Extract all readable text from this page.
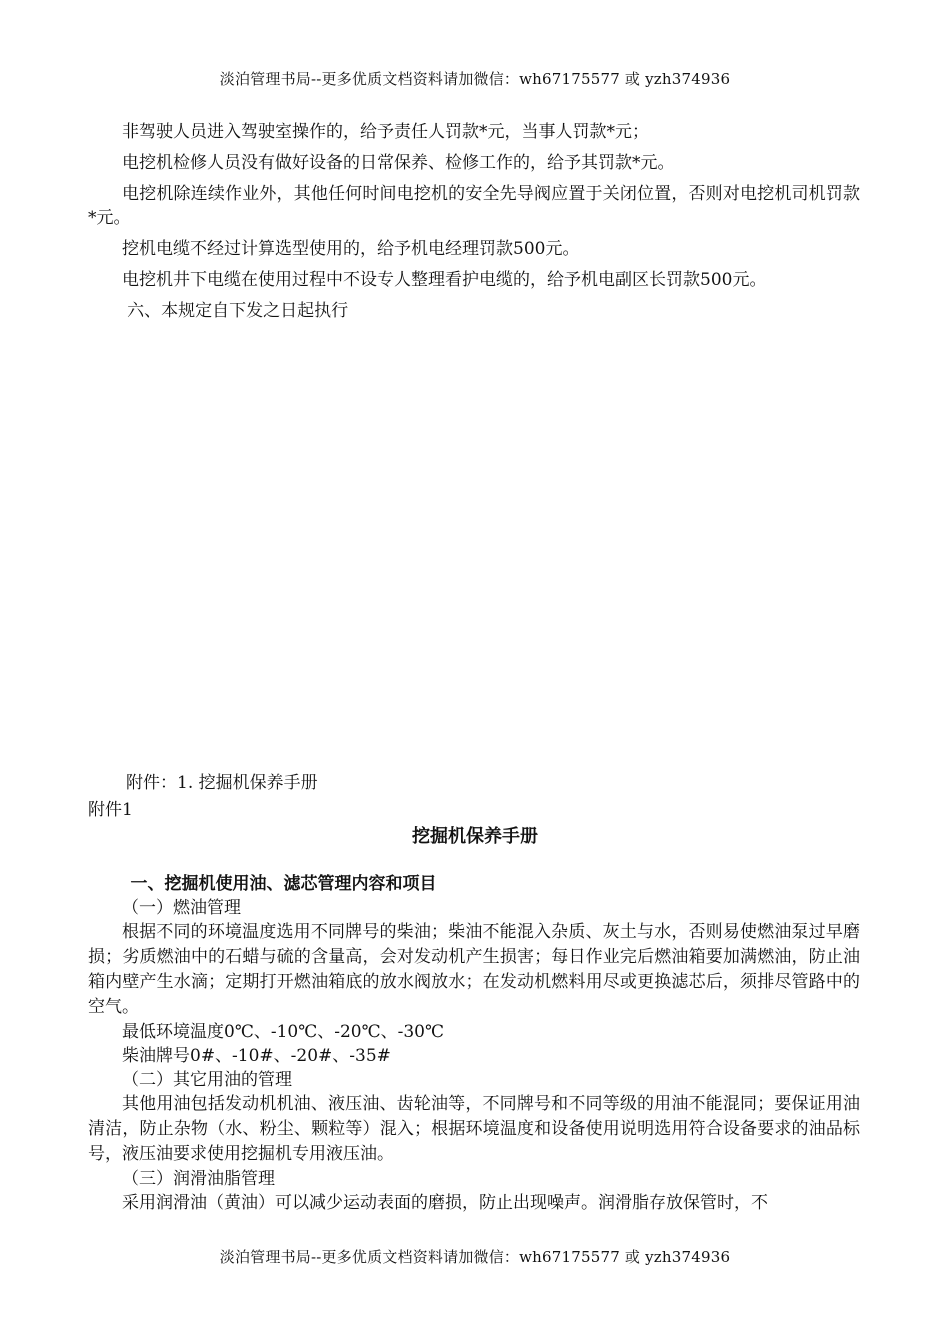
淡泊管理书局--更多优质文档资料请加微信：wh67175577 或 yzh374936

非驾驶人员进入驾驶室操作的，给予责任人罚款*元，当事人罚款*元；

电挖机检修人员没有做好设备的日常保养、检修工作的，给予其罚款*元。

电挖机除连续作业外，其他任何时间电挖机的安全先导阀应置于关闭位置，否则对电挖机司机罚款*元。

挖机电缆不经过计算选型使用的，给予机电经理罚款500元。

电挖机井下电缆在使用过程中不设专人整理看护电缆的，给予机电副区长罚款500元。

六、本规定自下发之日起执行

附件：1. 挖掘机保养手册
附件1
挖掘机保养手册

一、挖掘机使用油、滤芯管理内容和项目

（一）燃油管理

根据不同的环境温度选用不同牌号的柴油；柴油不能混入杂质、灰土与水，否则易使燃油泵过早磨损；劣质燃油中的石蜡与硫的含量高，会对发动机产生损害；每日作业完后燃油箱要加满燃油，防止油箱内壁产生水滴；定期打开燃油箱底的放水阀放水；在发动机燃料用尽或更换滤芯后，须排尽管路中的空气。

最低环境温度0℃、-10℃、-20℃、-30℃

柴油牌号0#、-10#、-20#、-35#

（二）其它用油的管理

其他用油包括发动机机油、液压油、齿轮油等，不同牌号和不同等级的用油不能混同；要保证用油清洁，防止杂物（水、粉尘、颗粒等）混入；根据环境温度和设备使用说明选用符合设备要求的油品标号，液压油要求使用挖掘机专用液压油。

（三）润滑油脂管理

采用润滑油（黄油）可以减少运动表面的磨损，防止出现噪声。润滑脂存放保管时，不

淡泊管理书局--更多优质文档资料请加微信：wh67175577 或 yzh374936
